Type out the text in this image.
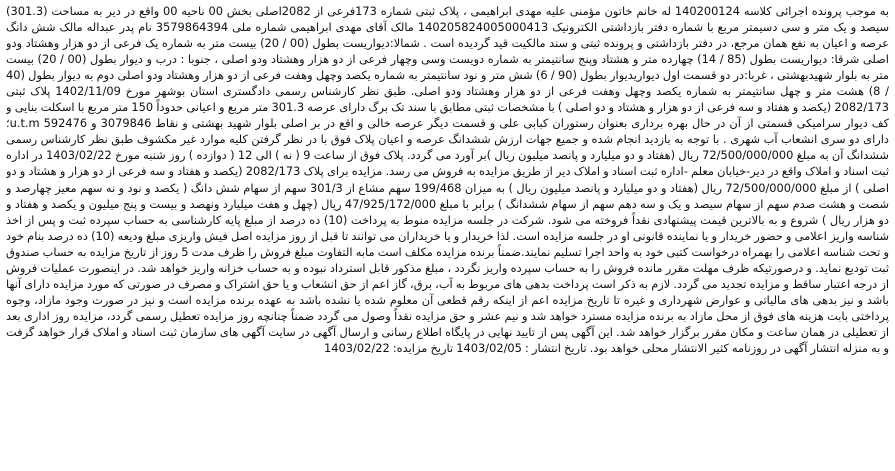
به موجب پرونده اجرائی کلاسه 140200124 له خانم خاتون مؤمنی علیه مهدی ابراهیمی ، پلاک ثبتی شماره 173فرعی از 2082اصلی بخش 00 ناحیه 00 واقع در دیر به مساحت (301.3) سیصد و یک متر و سی دسیمتر مربع با شماره دفتر بازداشتی الکترونیک 140205824005000413 مالک آقای مهدی ابراهیمی شماره ملی 3579864394 نام پدر عبداله مالک شش دانگ عرصه و اعیان به نفع همان مرجع، در دفتر بازداشتی و پرونده ثبتی و سند مالکیت قید گردیده است . شمالا:دیواریست بطول (00 / 20) بیست متر به شماره یک فرعی از دو هزار وهشتاد ودو اصلی شرقا: دیواریست بطول (85 / 14) چهارده متر و هشتاد وپنج سانتیمتر به شماره دویست وسی وچهار فرعی از دو هزار وهشتاد ودو اصلی ، جنوبا : درب و دیوار بطول (00 / 20) بیست متر به بلوار شهیدبهشتی ، غربا:در دو قسمت اول دیواریدیوار بطول (90 / 6) شش متر و نود سانتیمتر به شماره یکصد وچهل وهفت فرعی از دو هزار وهشتاد ودو اصلی دوم به دیوار بطول (40 / 8) هشت متر و چهل سانتیمتر به شماره یکصد وچهل وهفت فرعی از دو هزار وهشتاد ودو اصلی. طبق نظر کارشناس رسمی دادگستری استان بوشهر مورخ 1402/11/09 پلاک ثبتی 2082/173 (یکصد و هفتاد و سه فرعی از دو هزار و هشتاد و دو اصلی ) با مشخصات ثبتی مطابق با سند تک برگ دارای عرصه 301.3 متر مربع و اعیانی حدوداً 150 متر مربع با اسکلت بنایی و کف دیوار سرامیکی قسمتی از آن در حال بهره برداری بعنوان رستوران کبابی علی و قسمت دیگر عرصه خالی و اقع در بر اصلی بلوار شهید بهشتی و نقاط 3079846 و 592476 u.t.m؛ دارای دو سری انشعاب آب شهری . با توجه به بازدید انجام شده و جمیع جهات ارزش ششدانگ عرصه و اعیان پلاک فوق با در نظر گرفتن کلیه موارد غیر مکشوف طبق نظر کارشناس رسمی ششدانگ آن به مبلغ 72/500/000/000 ریال (هفتاد و دو میلیارد و پانصد میلیون ریال )بر آورد می گردد. پلاک فوق از ساعت 9 ( نه ) الی 12 ( دوازده ) روز شنبه مورخ 1403/02/22 در اداره ثبت اسناد و املاک واقع در دیر-خیابان معلم -اداره ثبت اسناد و املاک دیر از طریق مزایده به فروش می رسد. مزایده برای پلاک 2082/173 (یکصد و هفتاد و سه فرعی از دو هزار و هشتاد و دو اصلی ) از مبلغ 72/500/000/000 ریال (هفتاد و دو میلیارد و پانصد میلیون ریال ) به میزان 199/468 سهم مشاع از 301/3 سهم از سهام شش دانگ ( یکصد و نود و نه سهم معیز چهارصد و شصت و هشت صدم سهم از سهام سیصد و یک و سه دهم سهم از سهام ششدانگ ) برابر با مبلغ 47/925/172/000 ریال (چهل و هفت میلیارد ونهصد و بیست و پنج میلیون و یکصد و هفتاد و دو هزار ریال ) شروع و به بالاترین قیمت پیشنهادی نقداً فروخته می شود. شرکت در جلسه مزایده منوط به پرداخت (10) ده درصد از مبلغ پایه کارشناسی به حساب سپرده ثبت و پس از اخذ شناسه واریز اعلامی و حضور خریدار و یا نماینده قانونی او در جلسه مزایده است. لذا خریدار و یا خریداران می توانند تا قبل از روز مزایده اصل فیش واریزی مبلغ ودیعه (10) ده درصد بنام خود و تحت شناسه اعلامی را بهمراه درخواست کتبی خود به واحد اجرا تسلیم نمایند.ضمناً برنده مزایده مکلف است مابه التفاوت مبلغ فروش را ظرف مدت 5 روز از تاریخ مزایده به حساب صندوق ثبت تودیع نماید. و درصورتیکه ظرف مهلت مقرر مانده فروش را به حساب سپرده واریز نگردد ، مبلغ مذکور قابل استرداد نبوده و به حساب خزانه واریز خواهد شد. در اینصورت عملیات فروش از درجه اعتبار ساقط و مزایده تجدید می گردد. لازم به ذکر است پرداخت بدهی های مربوط به آب، برق، گاز اعم از حق انشعاب و یا حق اشتراک و مصرف در صورتی که مورد مزایده دارای آنها باشد و نیز بدهی های مالیاتی و عوارض شهرداری و غیره تا تاریخ مزایده اعم از اینکه رقم قطعی آن معلوم شده یا نشده باشد به عهده برنده مزایده است و نیز در صورت وجود مازاد، وجوه پرداختی بابت هزینه های فوق از محل مازاد به برنده مزایده مسترد خواهد شد و نیم عشر و حق مزایده نقداً وصول می گردد ضمناً چنانچه روز مزایده تعطیل رسمی گردد، مزایده روز اداری بعد از تعطیلی در همان ساعت و مکان مقرر برگزار خواهد شد. این آگهی پس از تایید نهایی در پایگاه اطلاع رسانی و ارسال آگهی در سایت آگهی های سازمان ثبت اسناد و املاک قرار خواهد گرفت و به منزله انتشار آگهی در روزنامه کثیر الانتشار محلی خواهد بود. تاریخ انتشار : 1403/02/05 تاریخ مزایده: 1403/02/22
